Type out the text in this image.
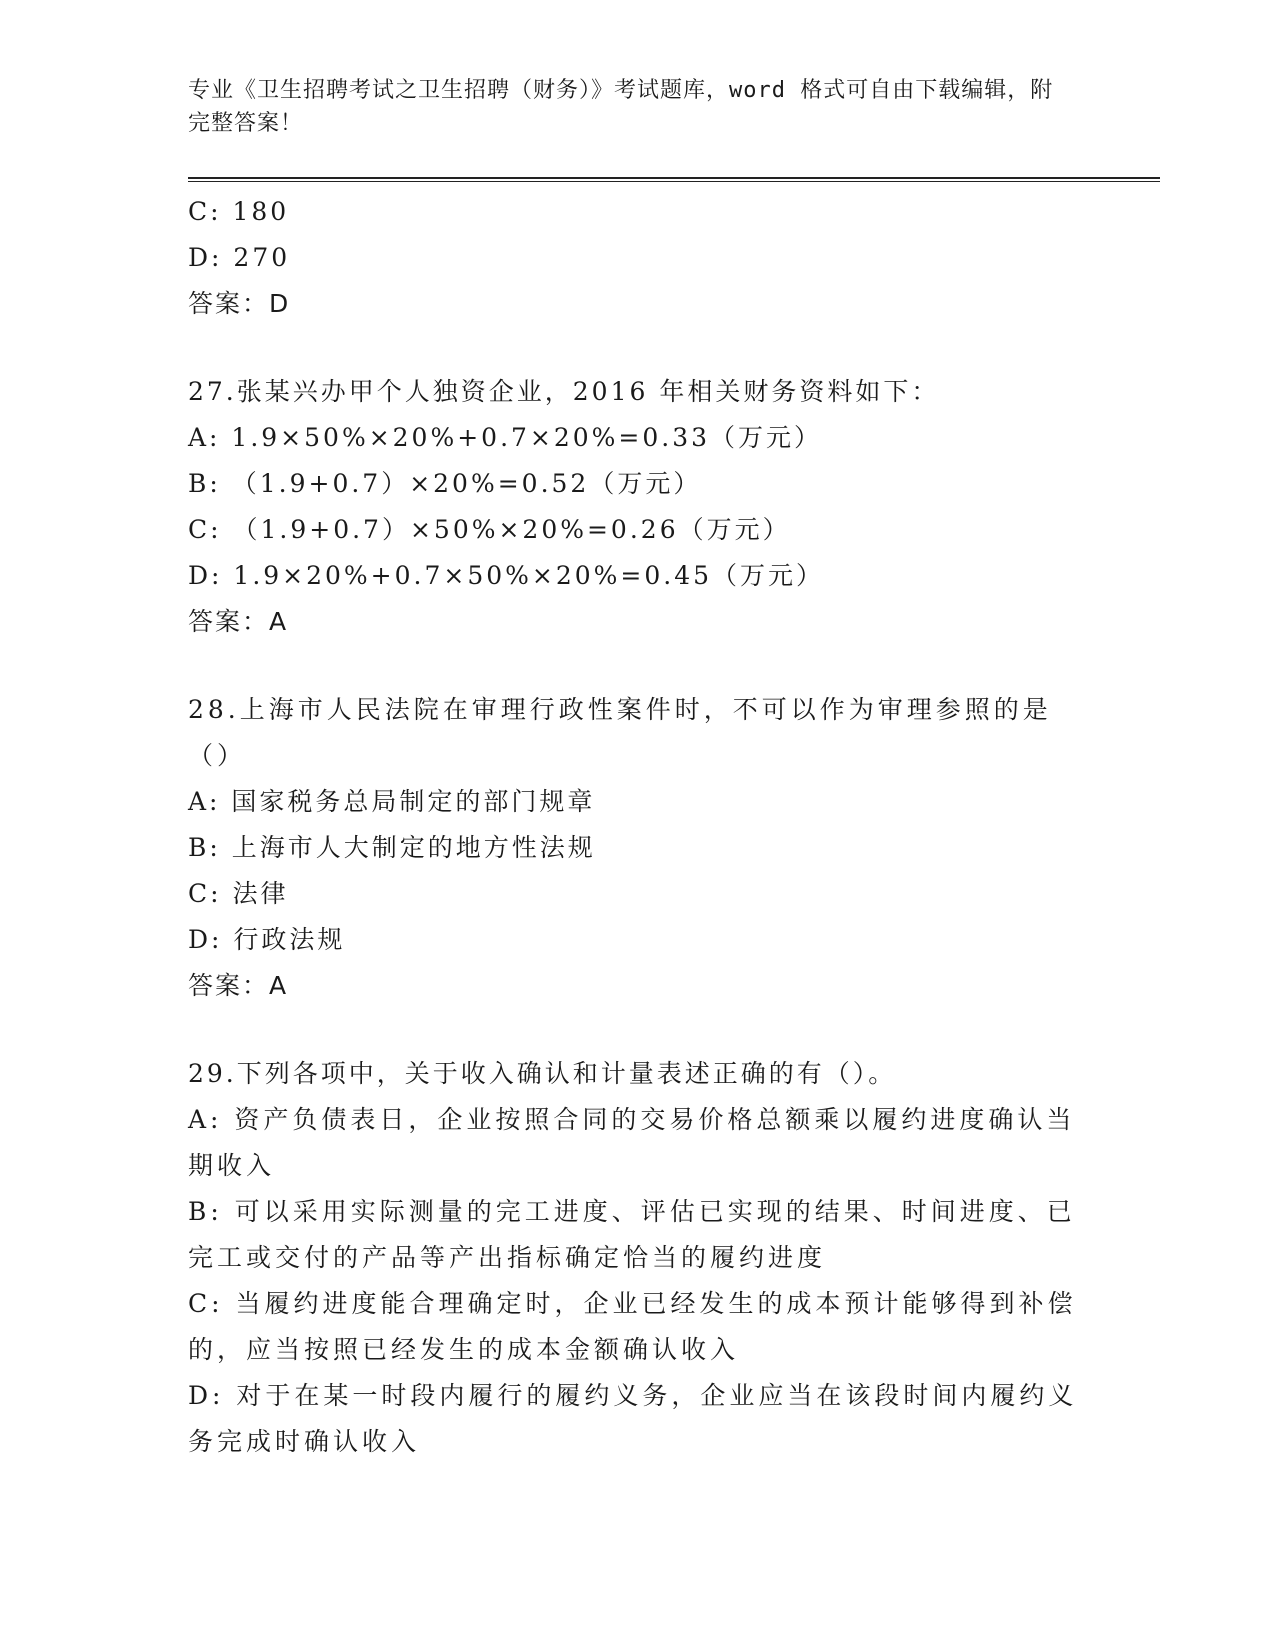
专业《卫生招聘考试之卫生招聘（财务）》考试题库，word 格式可自由下载编辑，附完整答案！
C: 180
D: 270
答案：D
27.张某兴办甲个人独资企业，2016 年相关财务资料如下：
A: 1.9×50%×20%+0.7×20%=0.33（万元）
B: （1.9+0.7）×20%=0.52（万元）
C: （1.9+0.7）×50%×20%=0.26（万元）
D: 1.9×20%+0.7×50%×20%=0.45（万元）
答案：A
28.上海市人民法院在审理行政性案件时，不可以作为审理参照的是（）
A: 国家税务总局制定的部门规章
B: 上海市人大制定的地方性法规
C: 法律
D: 行政法规
答案：A
29.下列各项中，关于收入确认和计量表述正确的有（）。
A: 资产负债表日，企业按照合同的交易价格总额乘以履约进度确认当期收入
B: 可以采用实际测量的完工进度、评估已实现的结果、时间进度、已完工或交付的产品等产出指标确定恰当的履约进度
C: 当履约进度能合理确定时，企业已经发生的成本预计能够得到补偿的，应当按照已经发生的成本金额确认收入
D: 对于在某一时段内履行的履约义务，企业应当在该段时间内履约义务完成时确认收入
